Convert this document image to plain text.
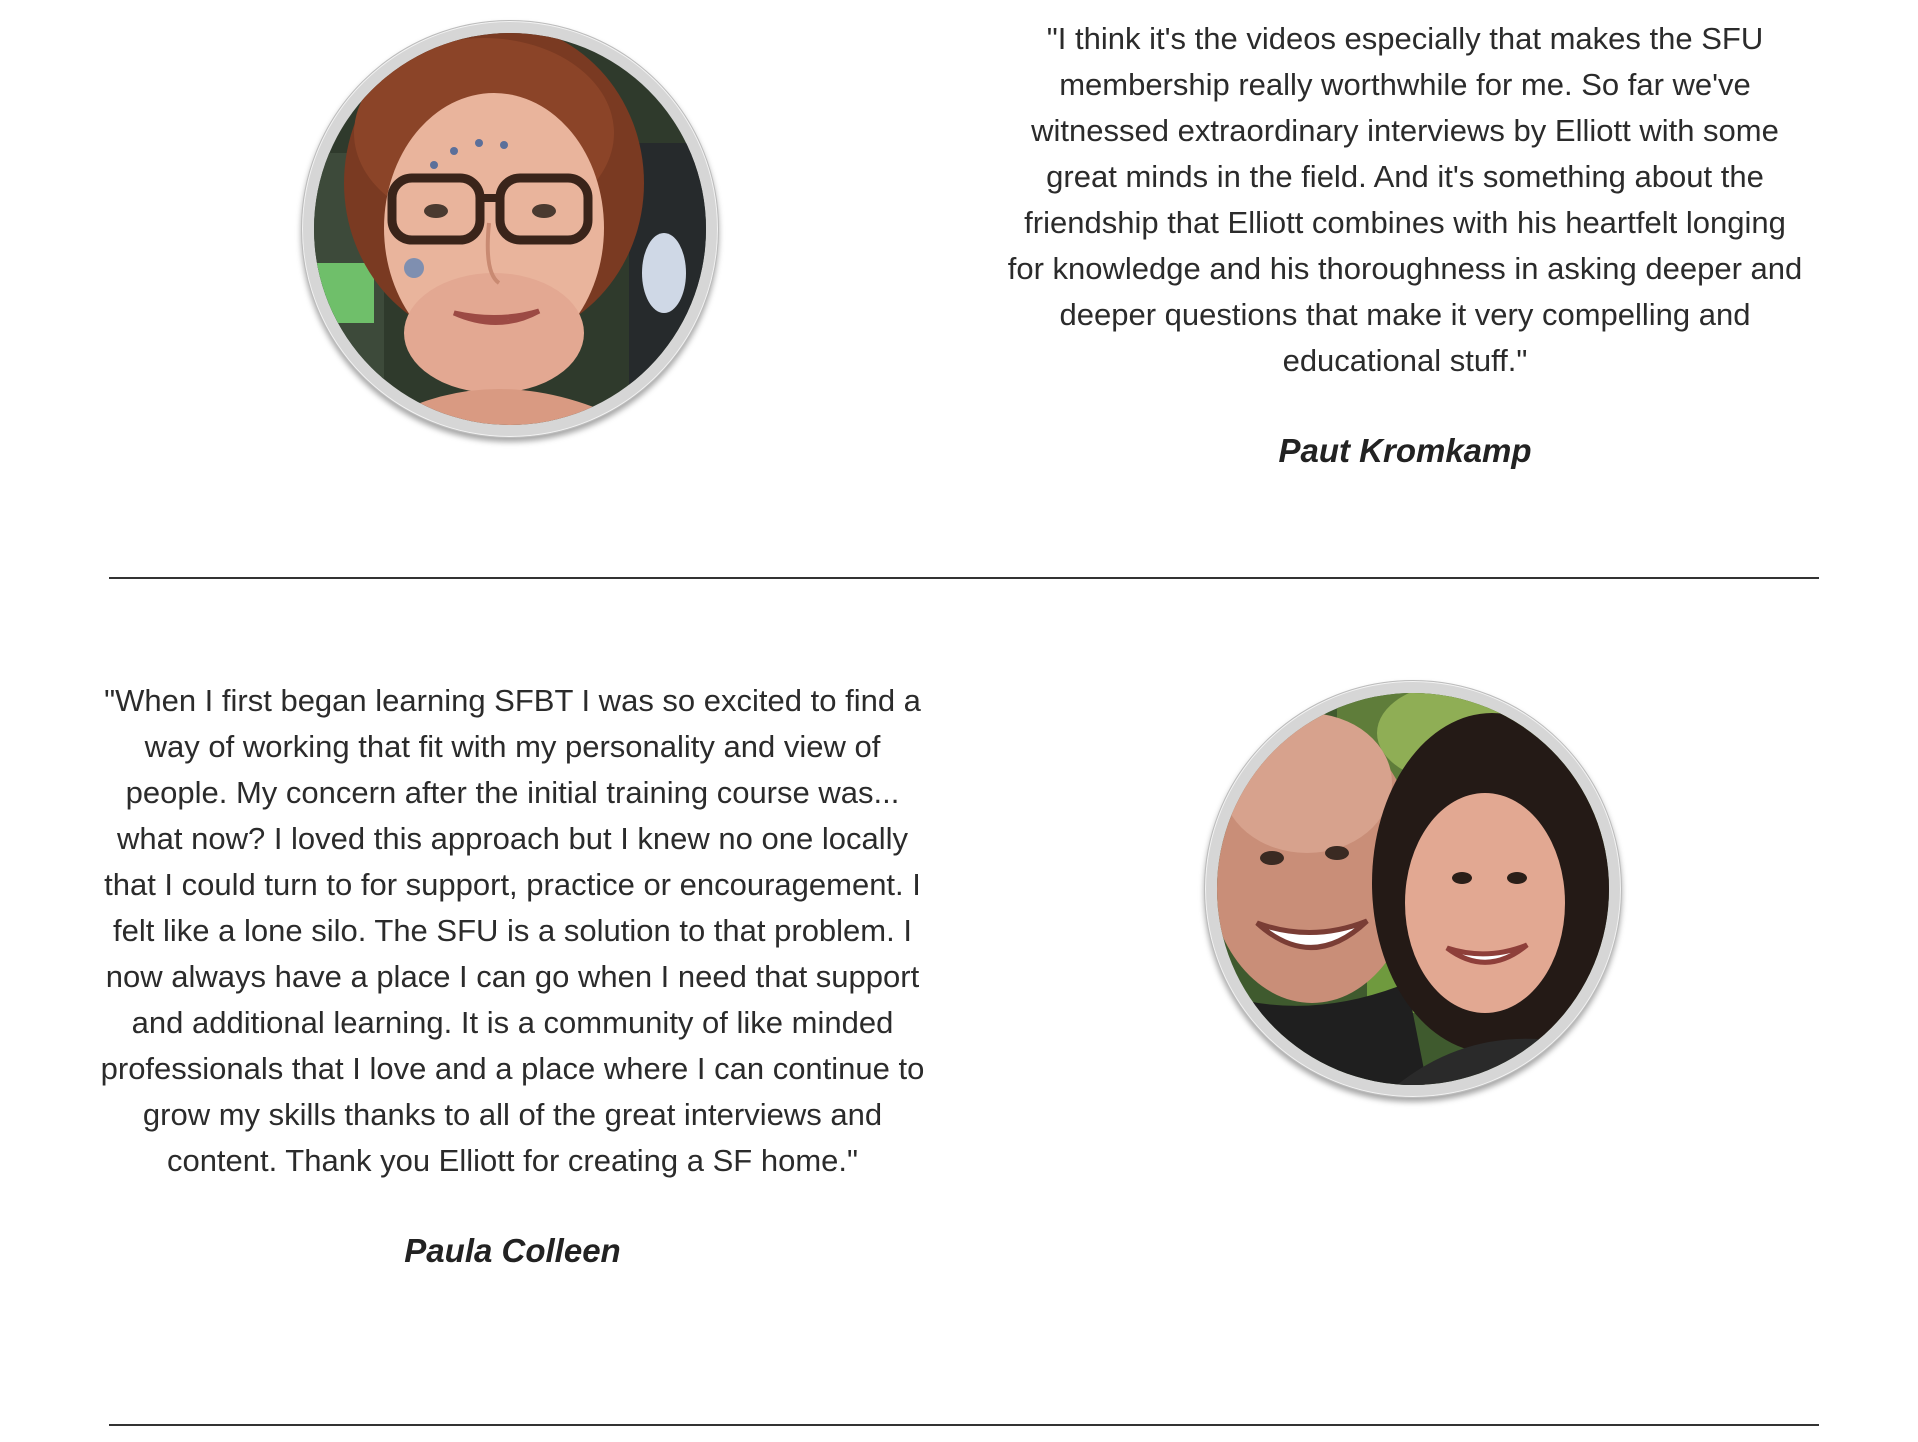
"I think it's the videos especially that makes the SFU membership really worthwhile for me. So far we've witnessed extraordinary interviews by Elliott with some great minds in the field. And it's something about the friendship that Elliott combines with his heartfelt longing for knowledge and his thoroughness in asking deeper and deeper questions that make it very compelling and educational stuff."

Paut Kromkamp

"When I first began learning SFBT I was so excited to find a way of working that fit with my personality and view of people. My concern after the initial training course was... what now? I loved this approach but I knew no one locally that I could turn to for support, practice or encouragement. I felt like a lone silo. The SFU is a solution to that problem. I now always have a place I can go when I need that support and additional learning. It is a community of like minded professionals that I love and a place where I can continue to grow my skills thanks to all of the great interviews and content. Thank you Elliott for creating a SF home."

Paula Colleen
